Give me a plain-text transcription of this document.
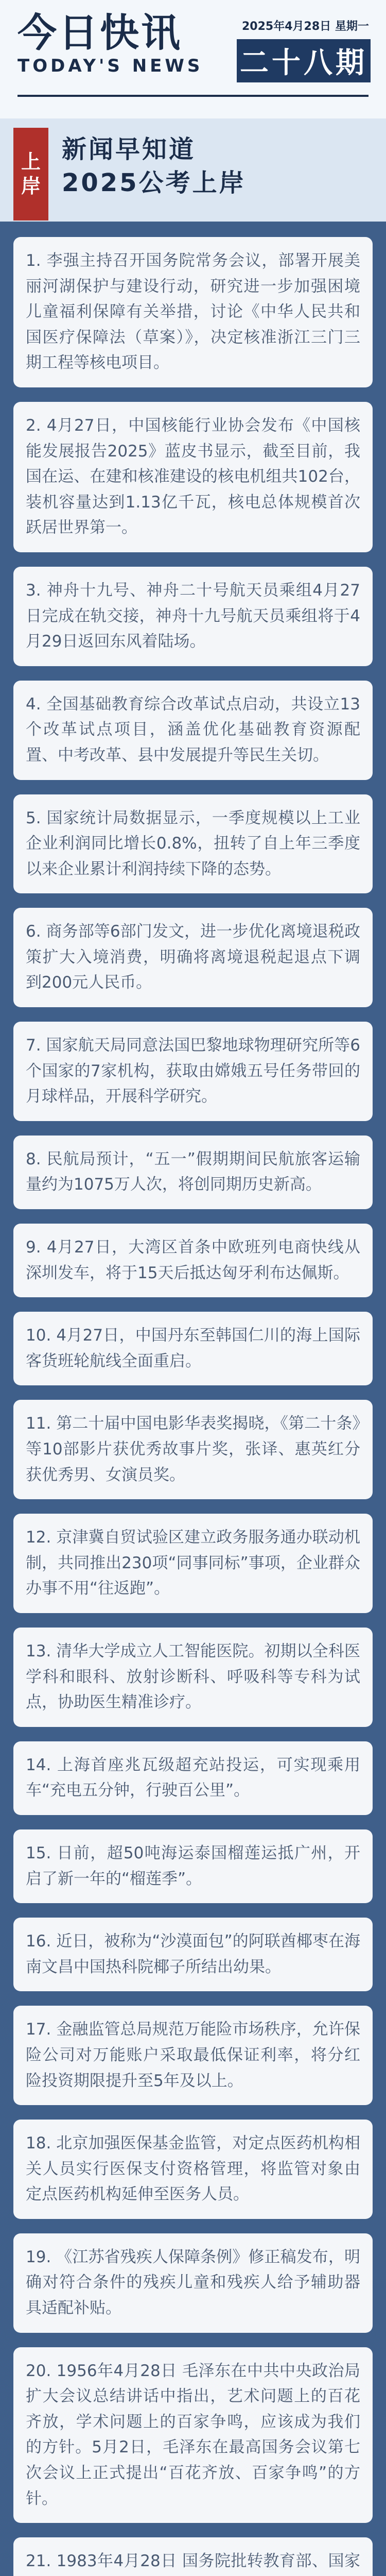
今日快讯
TODAY'S NEWS
2025年4月28日 星期一
二十八期
上
岸
新闻早知道
2025公考上岸

1. 李强主持召开国务院常务会议，部署开展美丽河湖保护与建设行动，研究进一步加强困境儿童福利保障有关举措，讨论《中华人民共和国医疗保障法（草案）》，决定核准浙江三门三期工程等核电项目。

2. 4月27日，中国核能行业协会发布《中国核能发展报告2025》蓝皮书显示，截至目前，我国在运、在建和核准建设的核电机组共102台，装机容量达到1.13亿千瓦，核电总体规模首次跃居世界第一。

3. 神舟十九号、神舟二十号航天员乘组4月27日完成在轨交接，神舟十九号航天员乘组将于4月29日返回东风着陆场。

4. 全国基础教育综合改革试点启动，共设立13个改革试点项目，涵盖优化基础教育资源配置、中考改革、县中发展提升等民生关切。

5. 国家统计局数据显示，一季度规模以上工业企业利润同比增长0.8%，扭转了自上年三季度以来企业累计利润持续下降的态势。

6. 商务部等6部门发文，进一步优化离境退税政策扩大入境消费，明确将离境退税起退点下调到200元人民币。

7. 国家航天局同意法国巴黎地球物理研究所等6个国家的7家机构，获取由嫦娥五号任务带回的月球样品，开展科学研究。

8. 民航局预计，“五一”假期期间民航旅客运输量约为1075万人次，将创同期历史新高。

9. 4月27日，大湾区首条中欧班列电商快线从深圳发车，将于15天后抵达匈牙利布达佩斯。

10. 4月27日，中国丹东至韩国仁川的海上国际客货班轮航线全面重启。

11. 第二十届中国电影华表奖揭晓，《第二十条》等10部影片获优秀故事片奖，张译、惠英红分获优秀男、女演员奖。

12. 京津冀自贸试验区建立政务服务通办联动机制，共同推出230项“同事同标”事项，企业群众办事不用“往返跑”。

13. 清华大学成立人工智能医院。初期以全科医学科和眼科、放射诊断科、呼吸科等专科为试点，协助医生精准诊疗。

14. 上海首座兆瓦级超充站投运，可实现乘用车“充电五分钟，行驶百公里”。

15. 日前，超50吨海运泰国榴莲运抵广州，开启了新一年的“榴莲季”。

16. 近日，被称为“沙漠面包”的阿联酋椰枣在海南文昌中国热科院椰子所结出幼果。

17. 金融监管总局规范万能险市场秩序，允许保险公司对万能账户采取最低保证利率，将分红险投资期限提升至5年及以上。

18. 北京加强医保基金监管，对定点医药机构相关人员实行医保支付资格管理，将监管对象由定点医药机构延伸至医务人员。

19. 《江苏省残疾人保障条例》修正稿发布，明确对符合条件的残疾儿童和残疾人给予辅助器具适配补贴。

20. 1956年4月28日 毛泽东在中共中央政治局扩大会议总结讲话中指出，艺术问题上的百花齐放，学术问题上的百家争鸣，应该成为我们的方针。5月2日，毛泽东在最高国务会议第七次会议上正式提出“百花齐放、百家争鸣”的方针。

21. 1983年4月28日 国务院批转教育部、国家
